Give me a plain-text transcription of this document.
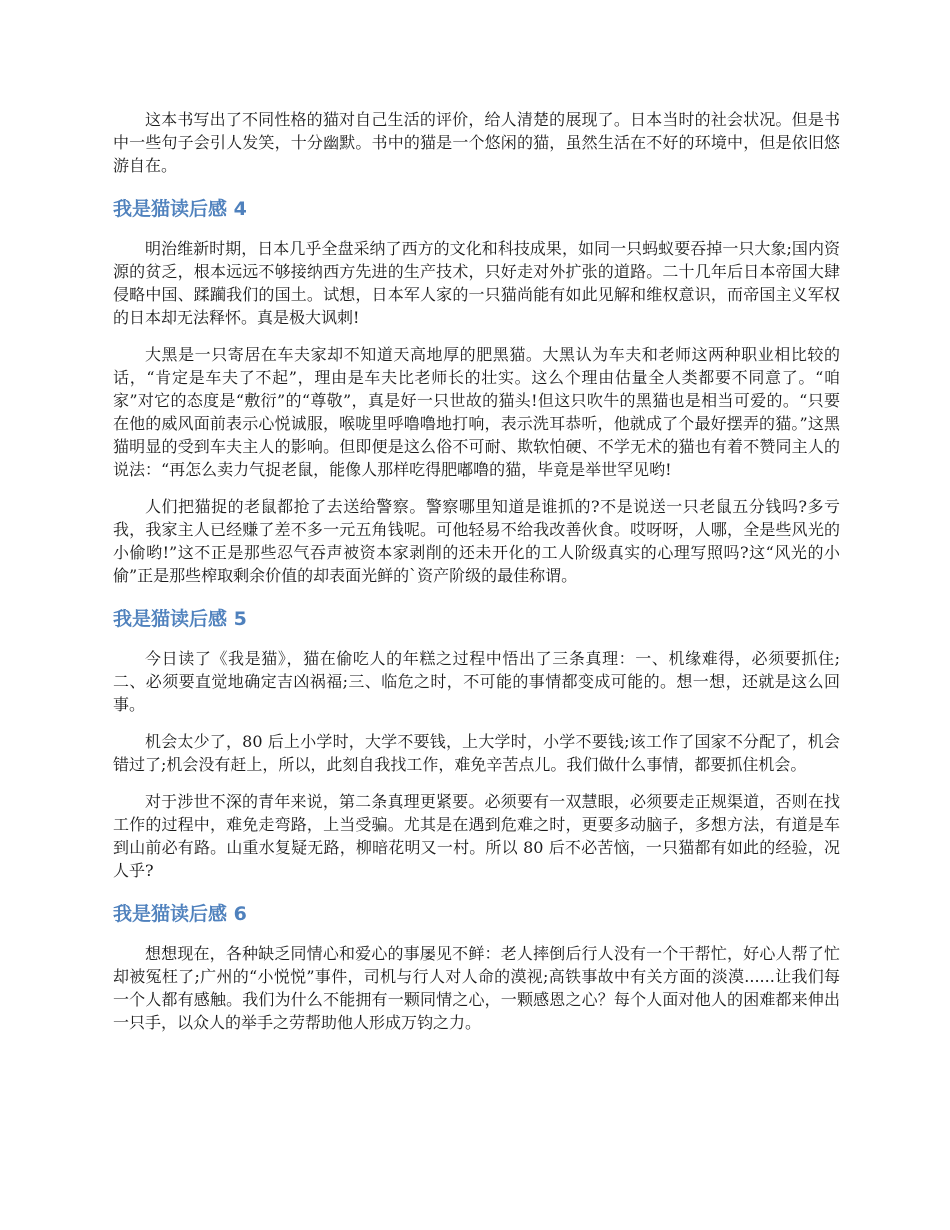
这本书写出了不同性格的猫对自己生活的评价，给人清楚的展现了。日本当时的社会状况。但是书中一些句子会引人发笑，十分幽默。书中的猫是一个悠闲的猫，虽然生活在不好的环境中，但是依旧悠游自在。

我是猫读后感 4

明治维新时期，日本几乎全盘采纳了西方的文化和科技成果，如同一只蚂蚁要吞掉一只大象;国内资源的贫乏，根本远远不够接纳西方先进的生产技术，只好走对外扩张的道路。二十几年后日本帝国大肆侵略中国、蹂躏我们的国土。试想，日本军人家的一只猫尚能有如此见解和维权意识，而帝国主义军权的日本却无法释怀。真是极大讽刺!

大黑是一只寄居在车夫家却不知道天高地厚的肥黑猫。大黑认为车夫和老师这两种职业相比较的话，“肯定是车夫了不起”，理由是车夫比老师长的壮实。这么个理由估量全人类都要不同意了。“咱家”对它的态度是“敷衍”的“尊敬”，真是好一只世故的猫头!但这只吹牛的黑猫也是相当可爱的。“只要在他的威风面前表示心悦诚服，喉咙里呼噜噜地打响，表示洗耳恭听，他就成了个最好摆弄的猫。”这黑猫明显的受到车夫主人的影响。但即便是这么俗不可耐、欺软怕硬、不学无术的猫也有着不赞同主人的说法：“再怎么卖力气捉老鼠，能像人那样吃得肥嘟噜的猫，毕竟是举世罕见哟!

人们把猫捉的老鼠都抢了去送给警察。警察哪里知道是谁抓的?不是说送一只老鼠五分钱吗?多亏我，我家主人已经赚了差不多一元五角钱呢。可他轻易不给我改善伙食。哎呀呀，人哪，全是些风光的小偷哟!”这不正是那些忍气吞声被资本家剥削的还未开化的工人阶级真实的心理写照吗?这“风光的小偷”正是那些榨取剩余价值的却表面光鲜的`资产阶级的最佳称谓。

我是猫读后感 5

今日读了《我是猫》，猫在偷吃人的年糕之过程中悟出了三条真理：一、机缘难得，必须要抓住;二、必须要直觉地确定吉凶祸福;三、临危之时，不可能的事情都变成可能的。想一想，还就是这么回事。

机会太少了，80 后上小学时，大学不要钱，上大学时，小学不要钱;该工作了国家不分配了，机会错过了;机会没有赶上，所以，此刻自我找工作，难免辛苦点儿。我们做什么事情，都要抓住机会。

对于涉世不深的青年来说，第二条真理更紧要。必须要有一双慧眼，必须要走正规渠道，否则在找工作的过程中，难免走弯路，上当受骗。尤其是在遇到危难之时，更要多动脑子，多想方法，有道是车到山前必有路。山重水复疑无路，柳暗花明又一村。所以 80 后不必苦恼，一只猫都有如此的经验，况人乎?

我是猫读后感 6

想想现在，各种缺乏同情心和爱心的事屡见不鲜：老人摔倒后行人没有一个干帮忙，好心人帮了忙却被冤枉了;广州的“小悦悦”事件，司机与行人对人命的漠视;高铁事故中有关方面的淡漠......让我们每一个人都有感触。我们为什么不能拥有一颗同情之心，一颗感恩之心？每个人面对他人的困难都来伸出一只手，以众人的举手之劳帮助他人形成万钧之力。
